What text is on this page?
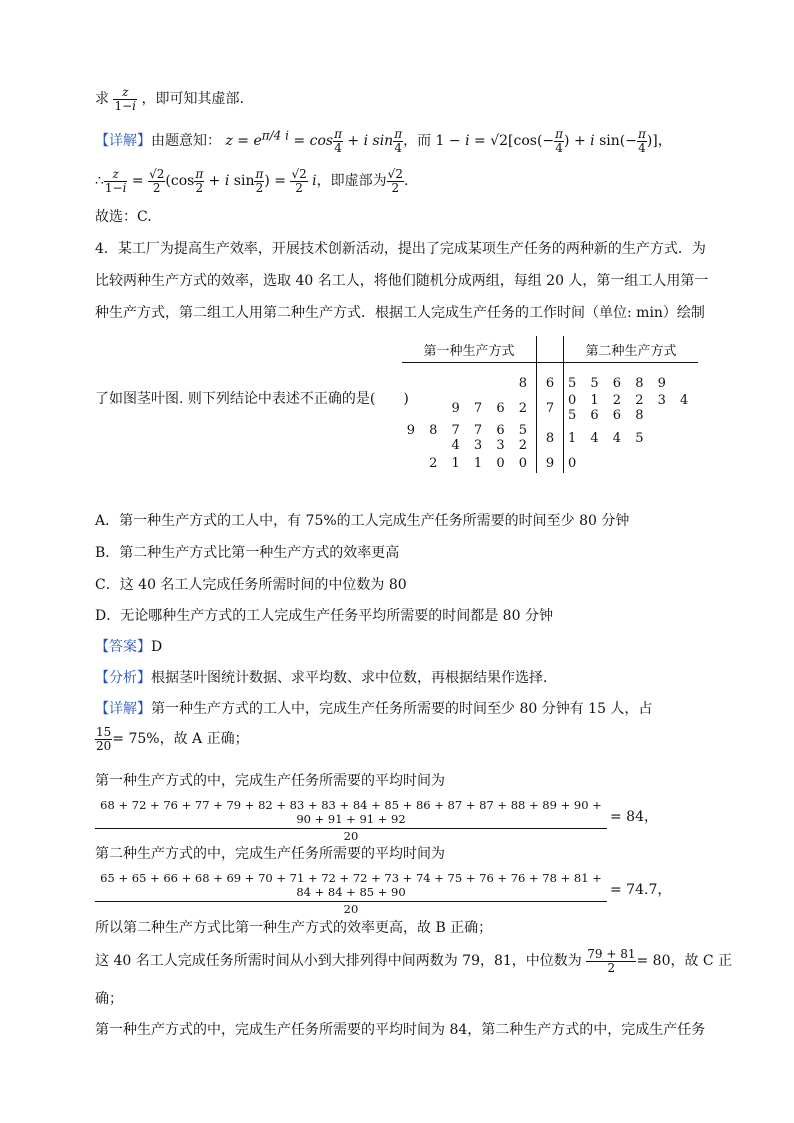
求 $\frac{z}{1-i}$ ，即可知其虚部.
【详解】由题意知： $z = e^{\pi/4 i} = \cos \frac{\pi}{4} + i$ $\sin \frac{\pi}{4}$ ，而 $1 - i = √2[\cos(- \frac{\pi}{4}$ ) + i $\sin(- \frac{\pi}{4}$ )]，
∴ $\frac{z}{1-i} = \frac{√2}{2} (\cos \frac{\pi}{2} + i$ $\sin \frac{\pi}{2}$ ) = $\frac{√2}{2}$ i，即虚部为 $\frac{√2}{2}$ .
故选：C.
4．某工厂为提高生产效率，开展技术创新活动，提出了完成某项生产任务的两种新的生产方式．为
比较两种生产方式的效率，选取 40 名工人，将他们随机分成两组，每组 20 人，第一组工人用第一
种生产方式，第二组工人用第二种生产方式．根据工人完成生产任务的工作时间（单位: min）绘制
了如图茎叶图. 则下列结论中表述不正确的是(　　)
第一种生产方式		第二种生产方式
8	6	5 5 6 8 9
9 7 6 2	7	0 1 2 2 3 4 5 6 6 8
9 8 7 7 6 5 4 3 3 2	8	1 4 4 5
2 1 1 0 0	9	0
A．第一种生产方式的工人中，有 75%的工人完成生产任务所需要的时间至少 80 分钟
B．第二种生产方式比第一种生产方式的效率更高
C．这 40 名工人完成任务所需时间的中位数为 80
D．无论哪种生产方式的工人完成生产任务平均所需要的时间都是 80 分钟
【答案】D
【分析】根据茎叶图统计数据、求平均数、求中位数，再根据结果作选择．
【详解】第一种生产方式的工人中，完成生产任务所需要的时间至少 80 分钟有 15 人，占
$\frac{15}{20} = 75\%$，故 A 正确；
第一种生产方式的中，完成生产任务所需要的平均时间为
68 + 72 + 76 + 77 + 79 + 82 + 83 + 83 + 84 + 85 + 86 + 87 + 87 + 88 + 89 + 90 + 90 + 91 + 91 + 92
20
= 84，
第二种生产方式的中，完成生产任务所需要的平均时间为
65 + 65 + 66 + 68 + 69 + 70 + 71 + 72 + 72 + 73 + 74 + 75 + 76 + 76 + 78 + 81 + 84 + 84 + 85 + 90
20
= 74.7，
所以第二种生产方式比第一种生产方式的效率更高，故 B 正确；
这 40 名工人完成任务所需时间从小到大排列得中间两数为 79，81，中位数为 $\frac{79 + 81}{2} = 80$，故 C 正
确；
第一种生产方式的中，完成生产任务所需要的平均时间为 84，第二种生产方式的中，完成生产任务
